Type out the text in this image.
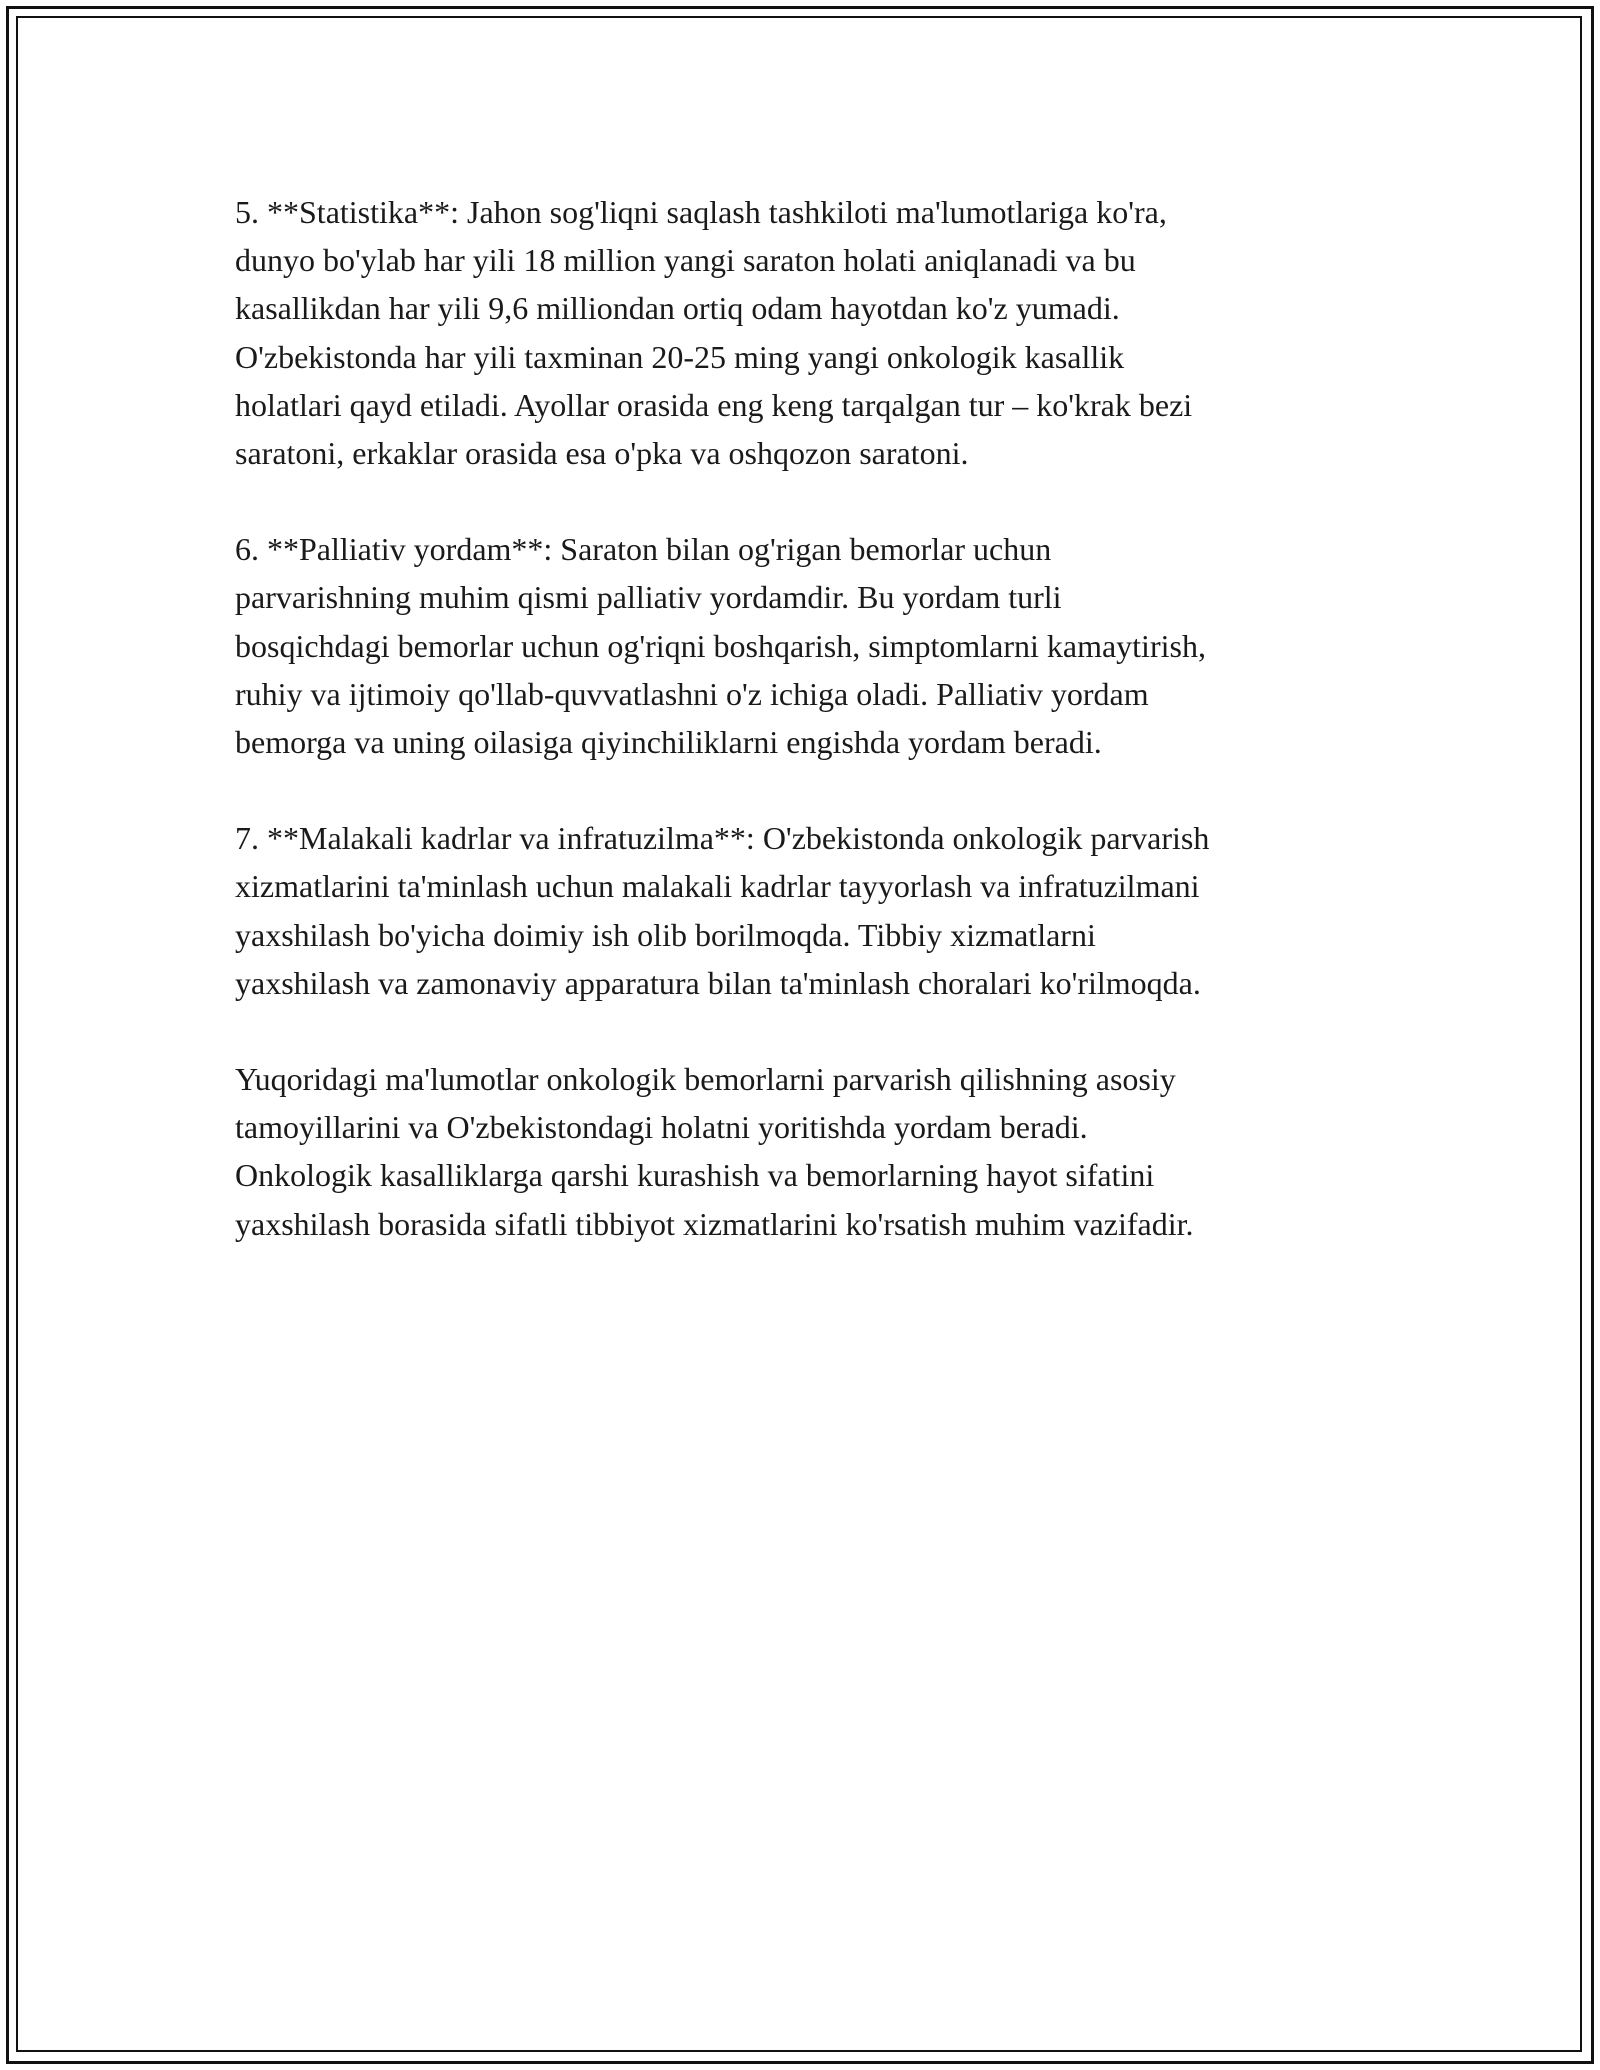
5. **Statistika**: Jahon sog'liqni saqlash tashkiloti ma'lumotlariga ko'ra,
dunyo bo'ylab har yili 18 million yangi saraton holati aniqlanadi va bu
kasallikdan har yili 9,6 milliondan ortiq odam hayotdan ko'z yumadi.
O'zbekistonda har yili taxminan 20-25 ming yangi onkologik kasallik
holatlari qayd etiladi. Ayollar orasida eng keng tarqalgan tur – ko'krak bezi
saratoni, erkaklar orasida esa o'pka va oshqozon saratoni.

6. **Palliativ yordam**: Saraton bilan og'rigan bemorlar uchun
parvarishning muhim qismi palliativ yordamdir. Bu yordam turli
bosqichdagi bemorlar uchun og'riqni boshqarish, simptomlarni kamaytirish,
ruhiy va ijtimoiy qo'llab-quvvatlashni o'z ichiga oladi. Palliativ yordam
bemorga va uning oilasiga qiyinchiliklarni engishda yordam beradi.

7. **Malakali kadrlar va infratuzilma**: O'zbekistonda onkologik parvarish
xizmatlarini ta'minlash uchun malakali kadrlar tayyorlash va infratuzilmani
yaxshilash bo'yicha doimiy ish olib borilmoqda. Tibbiy xizmatlarni
yaxshilash va zamonaviy apparatura bilan ta'minlash choralari ko'rilmoqda.

Yuqoridagi ma'lumotlar onkologik bemorlarni parvarish qilishning asosiy
tamoyillarini va O'zbekistondagi holatni yoritishda yordam beradi.
Onkologik kasalliklarga qarshi kurashish va bemorlarning hayot sifatini
yaxshilash borasida sifatli tibbiyot xizmatlarini ko'rsatish muhim vazifadir.
